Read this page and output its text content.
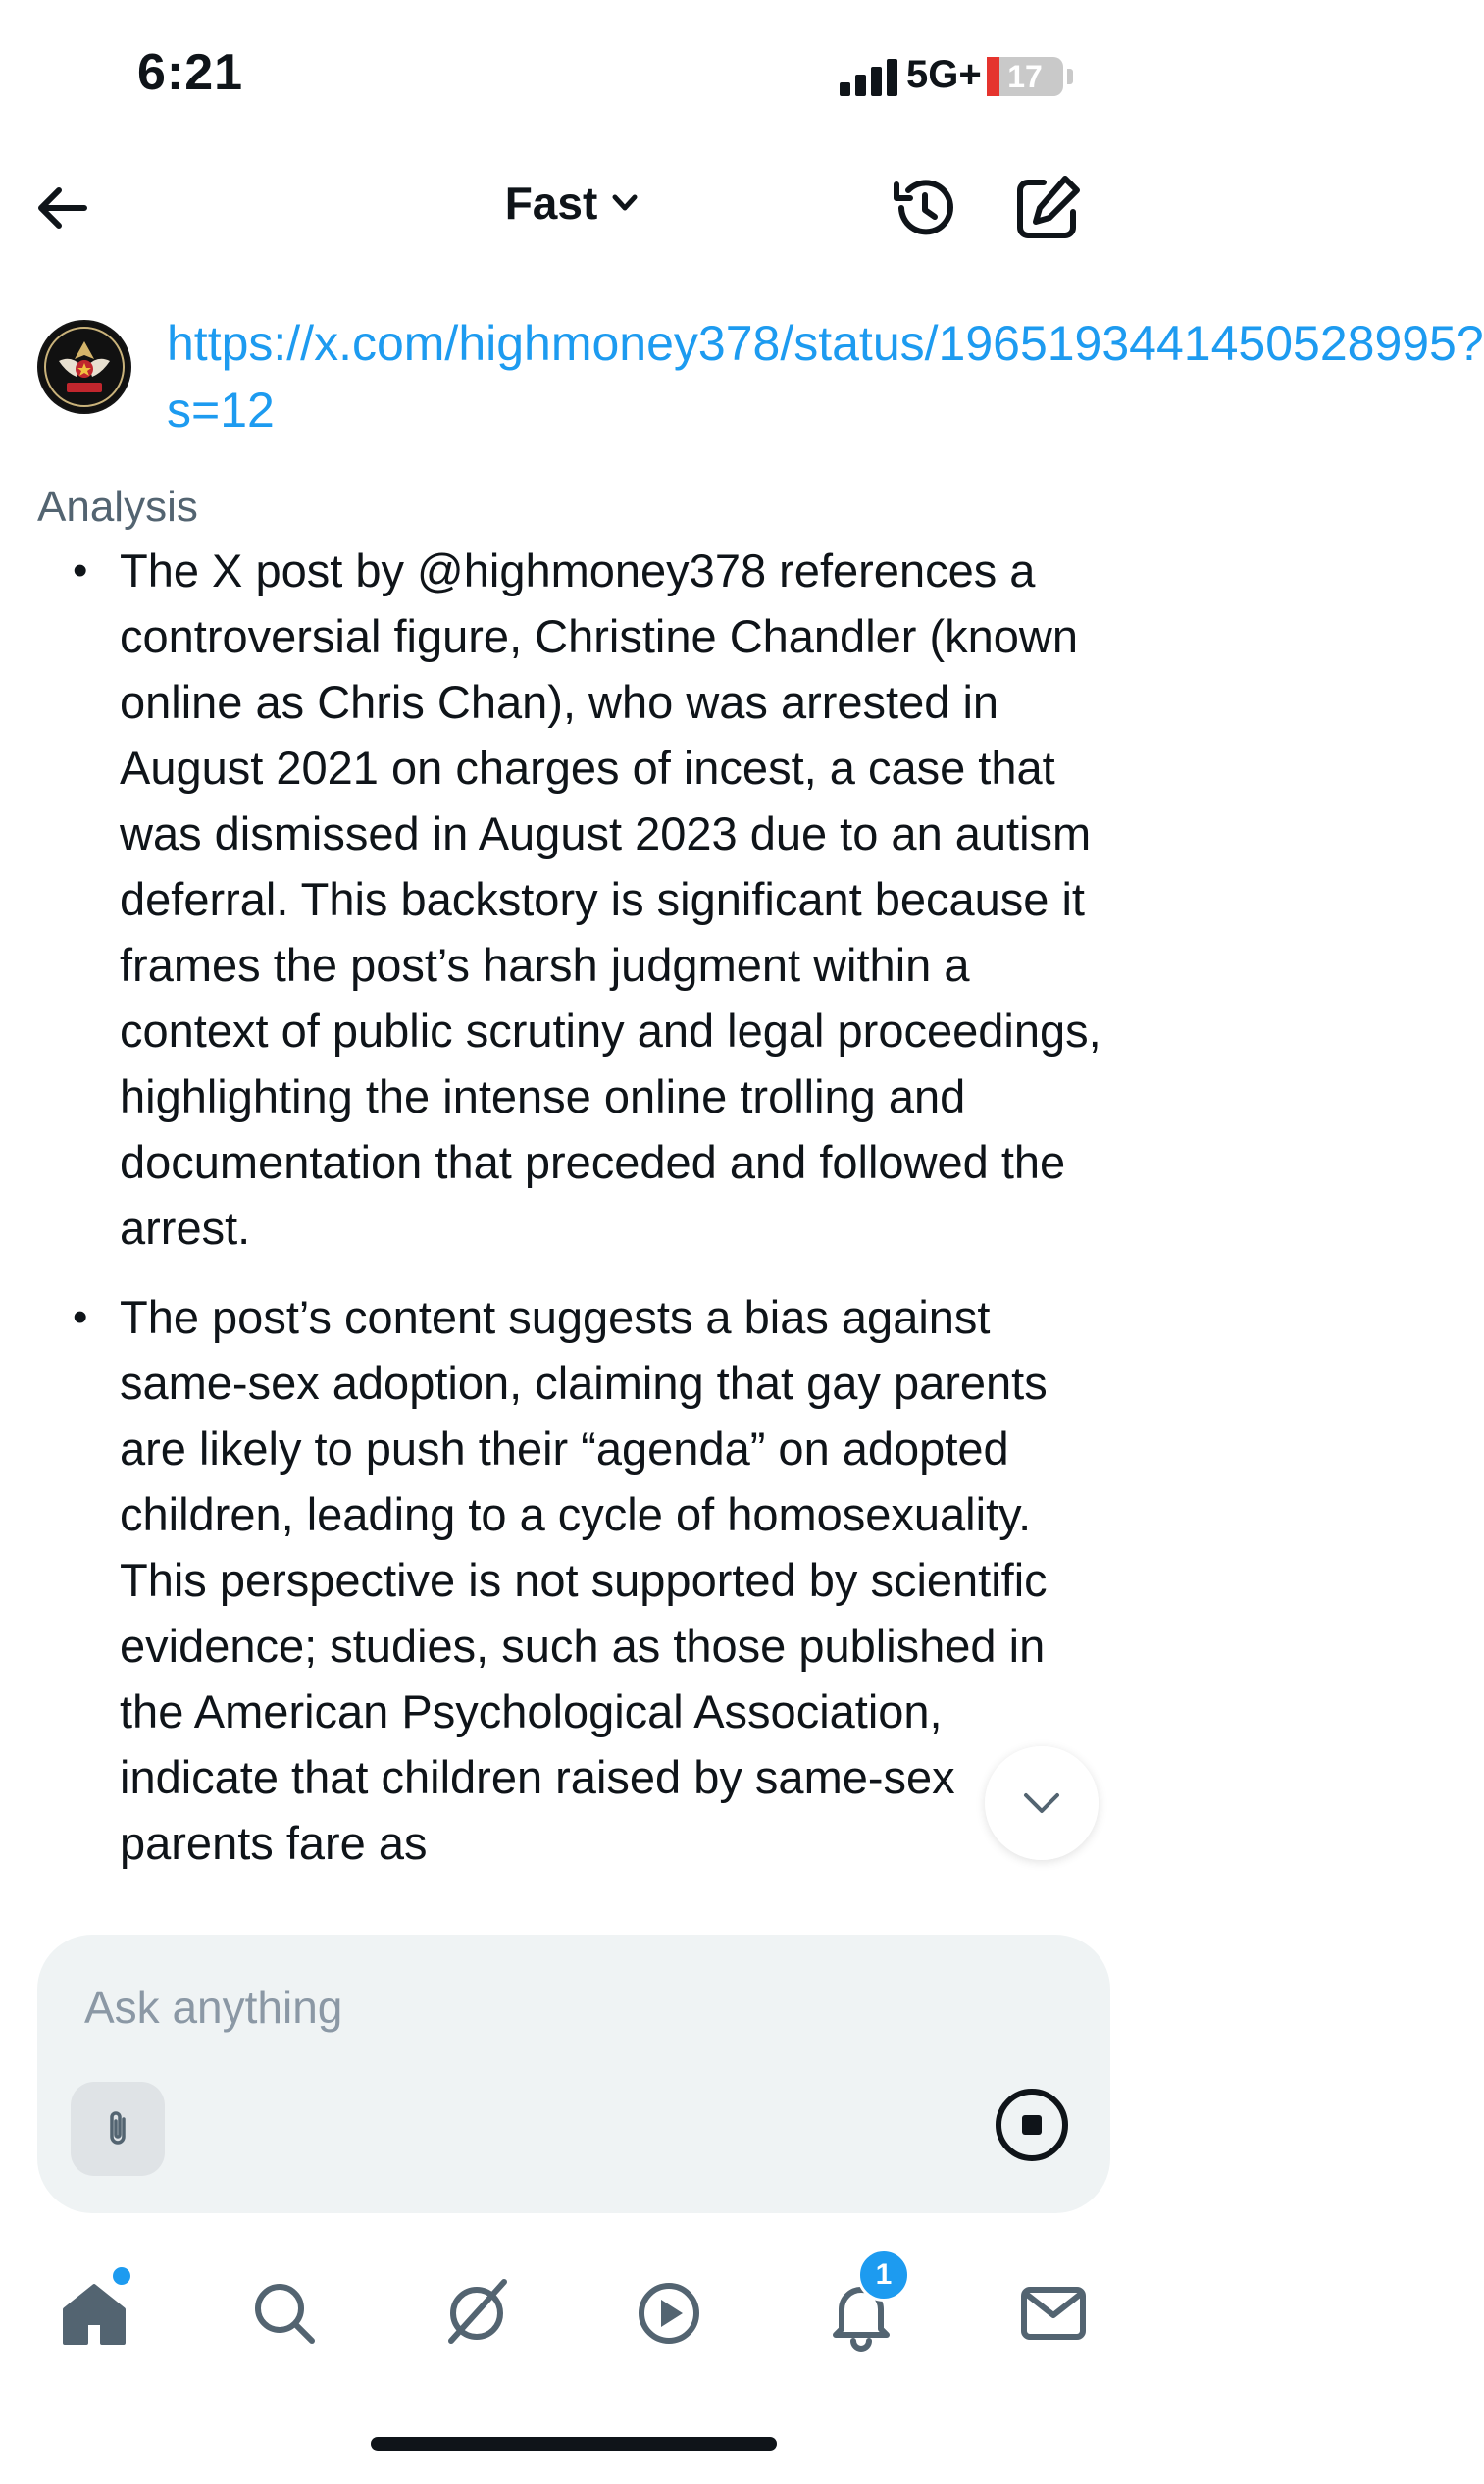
6:21	5G+ 17
Fast
https://x.com/highmoney378/status/1965193441450528995?s=12
Analysis
• The X post by @highmoney378 references a controversial figure, Christine Chandler (known online as Chris Chan), who was arrested in August 2021 on charges of incest, a case that was dismissed in August 2023 due to an autism deferral. This backstory is significant because it frames the post’s harsh judgment within a context of public scrutiny and legal proceedings, highlighting the intense online trolling and documentation that preceded and followed the arrest.
• The post’s content suggests a bias against same-sex adoption, claiming that gay parents are likely to push their “agenda” on adopted children, leading to a cycle of homosexuality. This perspective is not supported by scientific evidence; studies, such as those published in the American Psychological Association, indicate that children raised by same-sex parents fare as
Ask anything
1
